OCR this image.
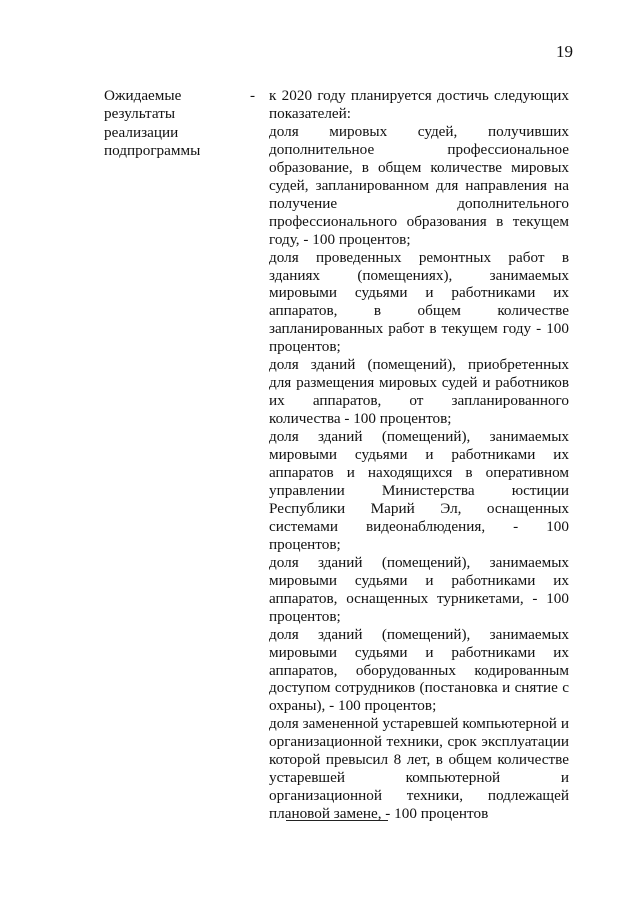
19
Ожидаемые
результаты
реализации
подпрограммы
- к 2020 году планируется достичь следующих показателей:

доля мировых судей, получивших дополнительное профессиональное образование, в общем количестве мировых судей, запланированном для направления на получение дополнительного профессионального образования в текущем году, - 100 процентов;

доля проведенных ремонтных работ в зданиях (помещениях), занимаемых мировыми судьями и работниками их аппаратов, в общем количестве запланированных работ в текущем году - 100 процентов;

доля зданий (помещений), приобретенных для размещения мировых судей и работников их аппаратов, от запланированного количества - 100 процентов;

доля зданий (помещений), занимаемых мировыми судьями и работниками их аппаратов и находящихся в оперативном управлении Министерства юстиции Республики Марий Эл, оснащенных системами видеонаблюдения, - 100 процентов;

доля зданий (помещений), занимаемых мировыми судьями и работниками их аппаратов, оснащенных турникетами, - 100 процентов;

доля зданий (помещений), занимаемых мировыми судьями и работниками их аппаратов, оборудованных кодированным доступом сотрудников (постановка и снятие с охраны), - 100 процентов;

доля замененной устаревшей компьютерной и организационной техники, срок эксплуатации которой превысил 8 лет, в общем количестве устаревшей компьютерной и организационной техники, подлежащей плановой замене, - 100 процентов
